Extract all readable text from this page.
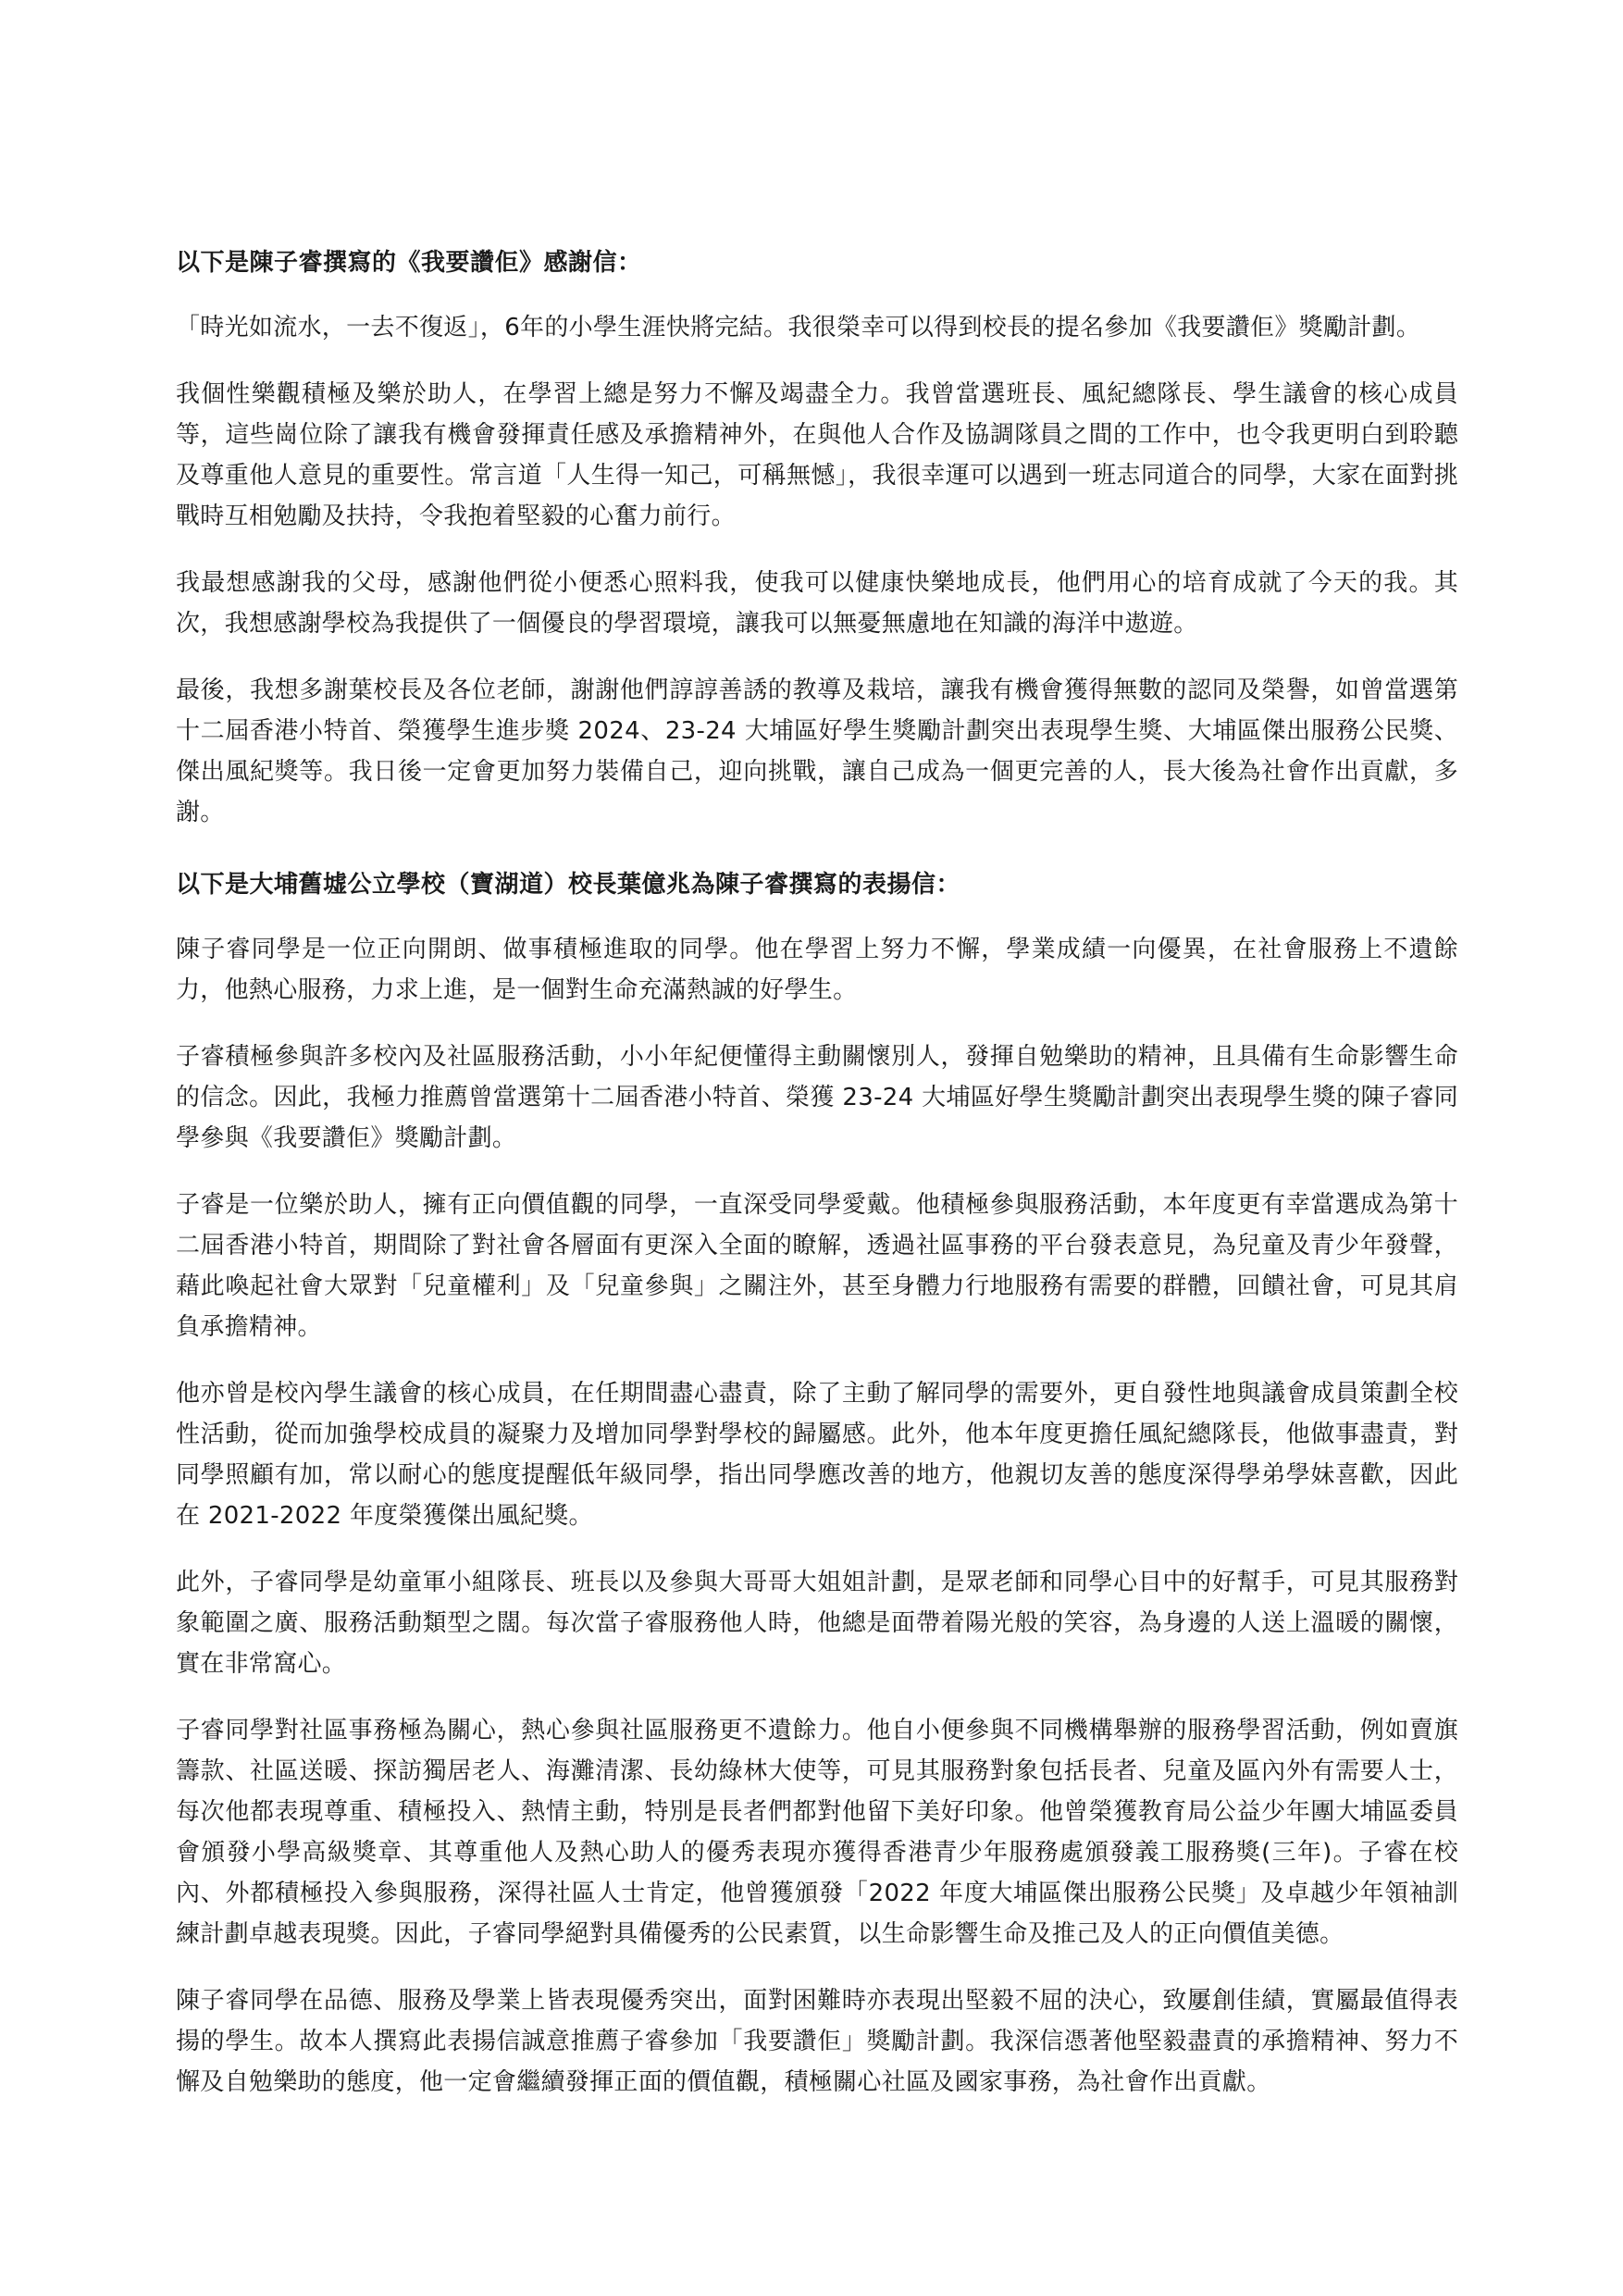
以下是陳子睿撰寫的《我要讚佢》感謝信：

「時光如流水，一去不復返」，6年的小學生涯快將完結。我很榮幸可以得到校長的提名參加《我要讚佢》獎勵計劃。

我個性樂觀積極及樂於助人，在學習上總是努力不懈及竭盡全力。我曾當選班長、風紀總隊長、學生議會的核心成員等，這些崗位除了讓我有機會發揮責任感及承擔精神外，在與他人合作及協調隊員之間的工作中，也令我更明白到聆聽及尊重他人意見的重要性。常言道「人生得一知己，可稱無憾」，我很幸運可以遇到一班志同道合的同學，大家在面對挑戰時互相勉勵及扶持，令我抱着堅毅的心奮力前行。

我最想感謝我的父母，感謝他們從小便悉心照料我，使我可以健康快樂地成長，他們用心的培育成就了今天的我。其次，我想感謝學校為我提供了一個優良的學習環境，讓我可以無憂無慮地在知識的海洋中遨遊。

最後，我想多謝葉校長及各位老師，謝謝他們諄諄善誘的教導及栽培，讓我有機會獲得無數的認同及榮譽，如曾當選第十二屆香港小特首、榮獲學生進步獎 2024、23-24 大埔區好學生獎勵計劃突出表現學生獎、大埔區傑出服務公民獎、傑出風紀獎等。我日後一定會更加努力裝備自己，迎向挑戰，讓自己成為一個更完善的人，長大後為社會作出貢獻，多謝。

以下是大埔舊墟公立學校（寶湖道）校長葉億兆為陳子睿撰寫的表揚信：

陳子睿同學是一位正向開朗、做事積極進取的同學。他在學習上努力不懈，學業成績一向優異，在社會服務上不遺餘力，他熱心服務，力求上進，是一個對生命充滿熱誠的好學生。

子睿積極參與許多校內及社區服務活動，小小年紀便懂得主動關懷別人，發揮自勉樂助的精神，且具備有生命影響生命的信念。因此，我極力推薦曾當選第十二屆香港小特首、榮獲 23-24 大埔區好學生獎勵計劃突出表現學生獎的陳子睿同學參與《我要讚佢》獎勵計劃。

子睿是一位樂於助人，擁有正向價值觀的同學，一直深受同學愛戴。他積極參與服務活動，本年度更有幸當選成為第十二屆香港小特首，期間除了對社會各層面有更深入全面的瞭解，透過社區事務的平台發表意見，為兒童及青少年發聲，藉此喚起社會大眾對「兒童權利」及「兒童參與」之關注外，甚至身體力行地服務有需要的群體，回饋社會，可見其肩負承擔精神。

他亦曾是校內學生議會的核心成員，在任期間盡心盡責，除了主動了解同學的需要外，更自發性地與議會成員策劃全校性活動，從而加強學校成員的凝聚力及增加同學對學校的歸屬感。此外，他本年度更擔任風紀總隊長，他做事盡責，對同學照顧有加，常以耐心的態度提醒低年級同學，指出同學應改善的地方，他親切友善的態度深得學弟學妹喜歡，因此在 2021-2022 年度榮獲傑出風紀獎。

此外，子睿同學是幼童軍小組隊長、班長以及參與大哥哥大姐姐計劃，是眾老師和同學心目中的好幫手，可見其服務對象範圍之廣、服務活動類型之闊。每次當子睿服務他人時，他總是面帶着陽光般的笑容，為身邊的人送上溫暖的關懷，實在非常窩心。

子睿同學對社區事務極為關心，熱心參與社區服務更不遺餘力。他自小便參與不同機構舉辦的服務學習活動，例如賣旗籌款、社區送暖、探訪獨居老人、海灘清潔、長幼綠林大使等，可見其服務對象包括長者、兒童及區內外有需要人士，每次他都表現尊重、積極投入、熱情主動，特別是長者們都對他留下美好印象。他曾榮獲教育局公益少年團大埔區委員會頒發小學高級獎章、其尊重他人及熱心助人的優秀表現亦獲得香港青少年服務處頒發義工服務獎(三年)。子睿在校內、外都積極投入參與服務，深得社區人士肯定，他曾獲頒發「2022 年度大埔區傑出服務公民獎」及卓越少年領袖訓練計劃卓越表現獎。因此，子睿同學絕對具備優秀的公民素質，以生命影響生命及推己及人的正向價值美德。

陳子睿同學在品德、服務及學業上皆表現優秀突出，面對困難時亦表現出堅毅不屈的決心，致屢創佳績，實屬最值得表揚的學生。故本人撰寫此表揚信誠意推薦子睿參加「我要讚佢」獎勵計劃。我深信憑著他堅毅盡責的承擔精神、努力不懈及自勉樂助的態度，他一定會繼續發揮正面的價值觀，積極關心社區及國家事務，為社會作出貢獻。
